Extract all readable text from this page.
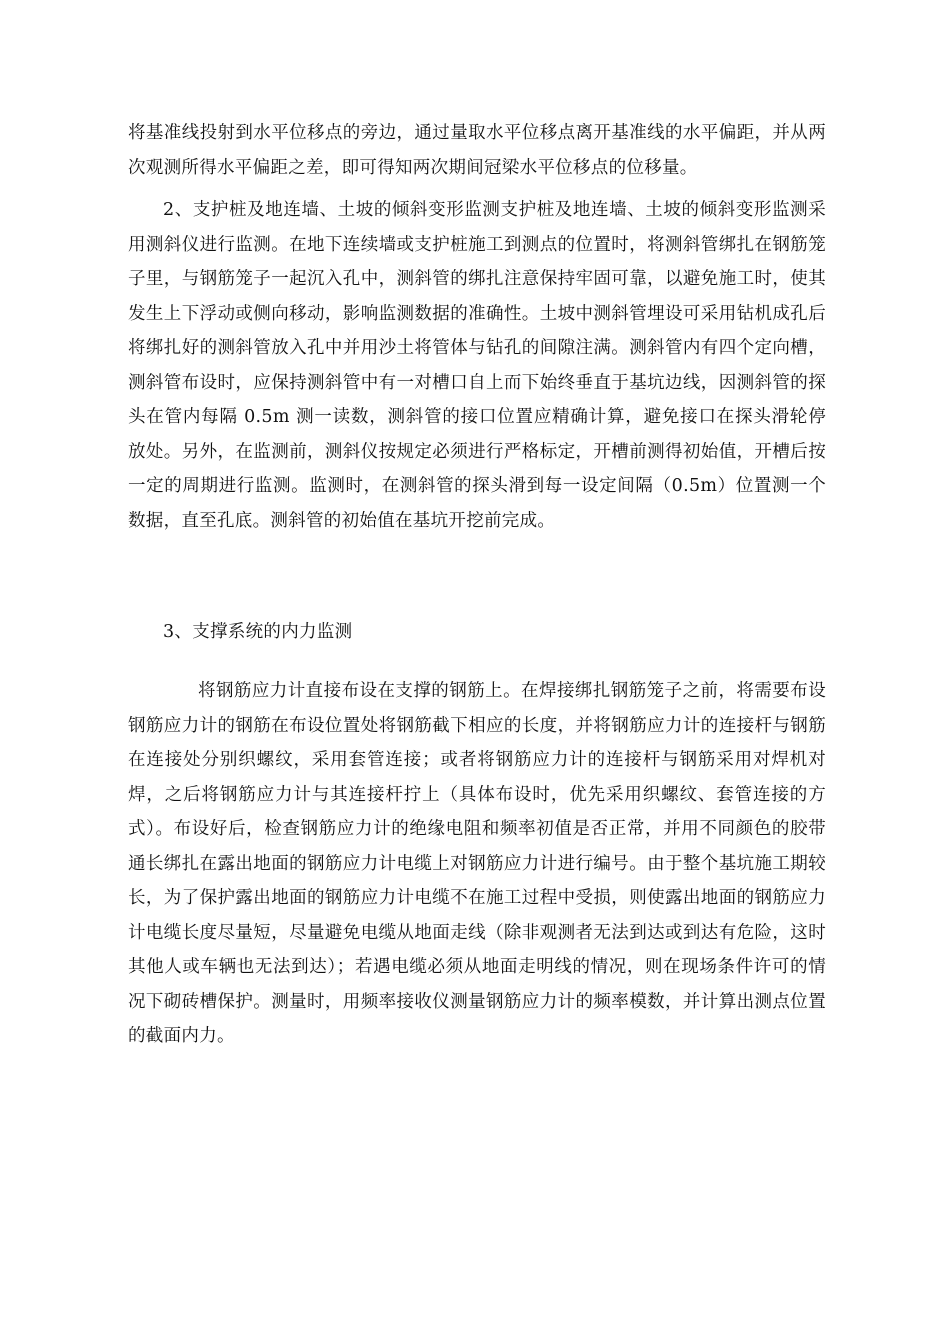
将基准线投射到水平位移点的旁边，通过量取水平位移点离开基准线的水平偏距，并从两次观测所得水平偏距之差，即可得知两次期间冠梁水平位移点的位移量。

2、支护桩及地连墙、土坡的倾斜变形监测支护桩及地连墙、土坡的倾斜变形监测采用测斜仪进行监测。在地下连续墙或支护桩施工到测点的位置时，将测斜管绑扎在钢筋笼子里，与钢筋笼子一起沉入孔中，测斜管的绑扎注意保持牢固可靠，以避免施工时，使其发生上下浮动或侧向移动，影响监测数据的准确性。土坡中测斜管埋设可采用钻机成孔后将绑扎好的测斜管放入孔中并用沙土将管体与钻孔的间隙注满。测斜管内有四个定向槽，测斜管布设时，应保持测斜管中有一对槽口自上而下始终垂直于基坑边线，因测斜管的探头在管内每隔 0.5m 测一读数，测斜管的接口位置应精确计算，避免接口在探头滑轮停放处。另外，在监测前，测斜仪按规定必须进行严格标定，开槽前测得初始值，开槽后按一定的周期进行监测。监测时，在测斜管的探头滑到每一设定间隔（0.5m）位置测一个数据，直至孔底。测斜管的初始值在基坑开挖前完成。

3、支撑系统的内力监测

将钢筋应力计直接布设在支撑的钢筋上。在焊接绑扎钢筋笼子之前，将需要布设钢筋应力计的钢筋在布设位置处将钢筋截下相应的长度，并将钢筋应力计的连接杆与钢筋在连接处分别织螺纹，采用套管连接；或者将钢筋应力计的连接杆与钢筋采用对焊机对焊，之后将钢筋应力计与其连接杆拧上（具体布设时，优先采用织螺纹、套管连接的方式）。布设好后，检查钢筋应力计的绝缘电阻和频率初值是否正常，并用不同颜色的胶带通长绑扎在露出地面的钢筋应力计电缆上对钢筋应力计进行编号。由于整个基坑施工期较长，为了保护露出地面的钢筋应力计电缆不在施工过程中受损，则使露出地面的钢筋应力计电缆长度尽量短，尽量避免电缆从地面走线（除非观测者无法到达或到达有危险，这时其他人或车辆也无法到达）；若遇电缆必须从地面走明线的情况，则在现场条件许可的情况下砌砖槽保护。测量时，用频率接收仪测量钢筋应力计的频率模数，并计算出测点位置的截面内力。
